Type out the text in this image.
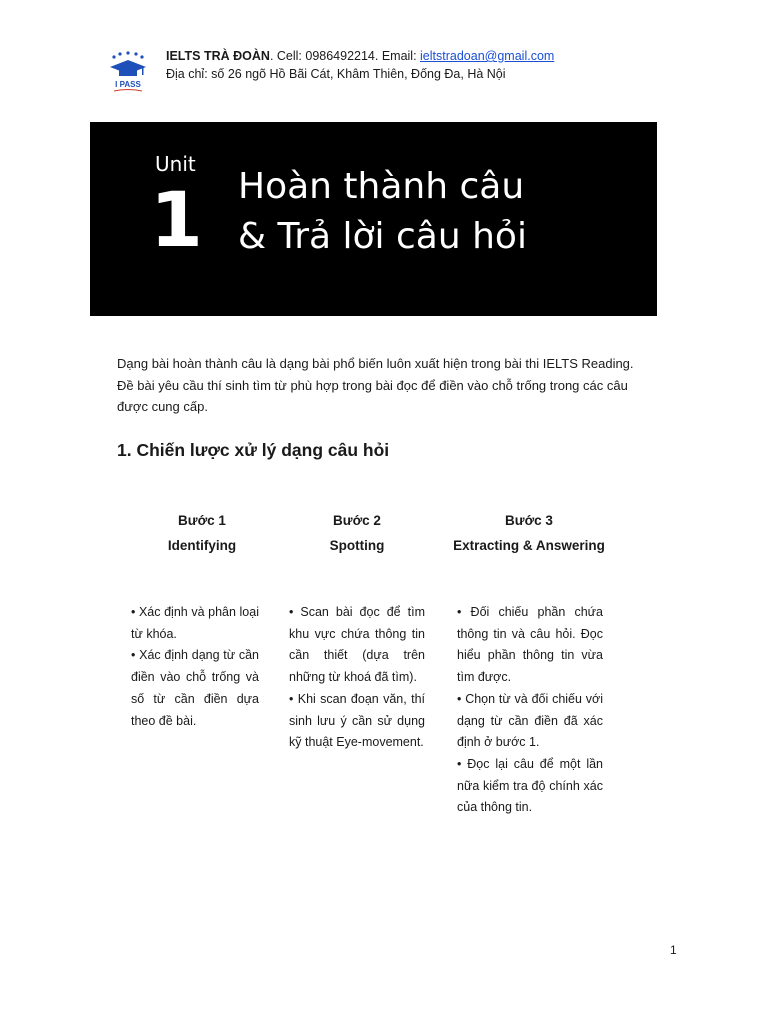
I PASS
IELTS TRÀ ĐOÀN. Cell: 0986492214. Email: ieltstradoan@gmail.com
Địa chỉ: số 26 ngõ Hồ Bãi Cát, Khâm Thiên, Đống Đa, Hà Nội
Unit
1 Hoàn thành câu
& Trả lời câu hỏi

Dạng bài hoàn thành câu là dạng bài phổ biến luôn xuất hiện trong bài thi IELTS Reading. Đề bài yêu cầu thí sinh tìm từ phù hợp trong bài đọc để điền vào chỗ trống trong các câu được cung cấp.

1. Chiến lược xử lý dạng câu hỏi
Bước 1
Identifying
Bước 2
Spotting
Bước 3
Extracting & Answering

• Xác định và phân loại từ khóa.

• Xác định dạng từ cần điền vào chỗ trống và số từ cần điền dựa theo đề bài.

• Scan bài đọc để tìm khu vực chứa thông tin cần thiết (dựa trên những từ khoá đã tìm).

• Khi scan đoạn văn, thí sinh lưu ý cần sử dụng kỹ thuật Eye-movement.

• Đối chiếu phần chứa thông tin và câu hỏi. Đọc hiểu phần thông tin vừa tìm được.

• Chọn từ và đối chiếu với dạng từ cần điền đã xác định ở bước 1.

• Đọc lại câu để một lần nữa kiểm tra độ chính xác của thông tin.

1
